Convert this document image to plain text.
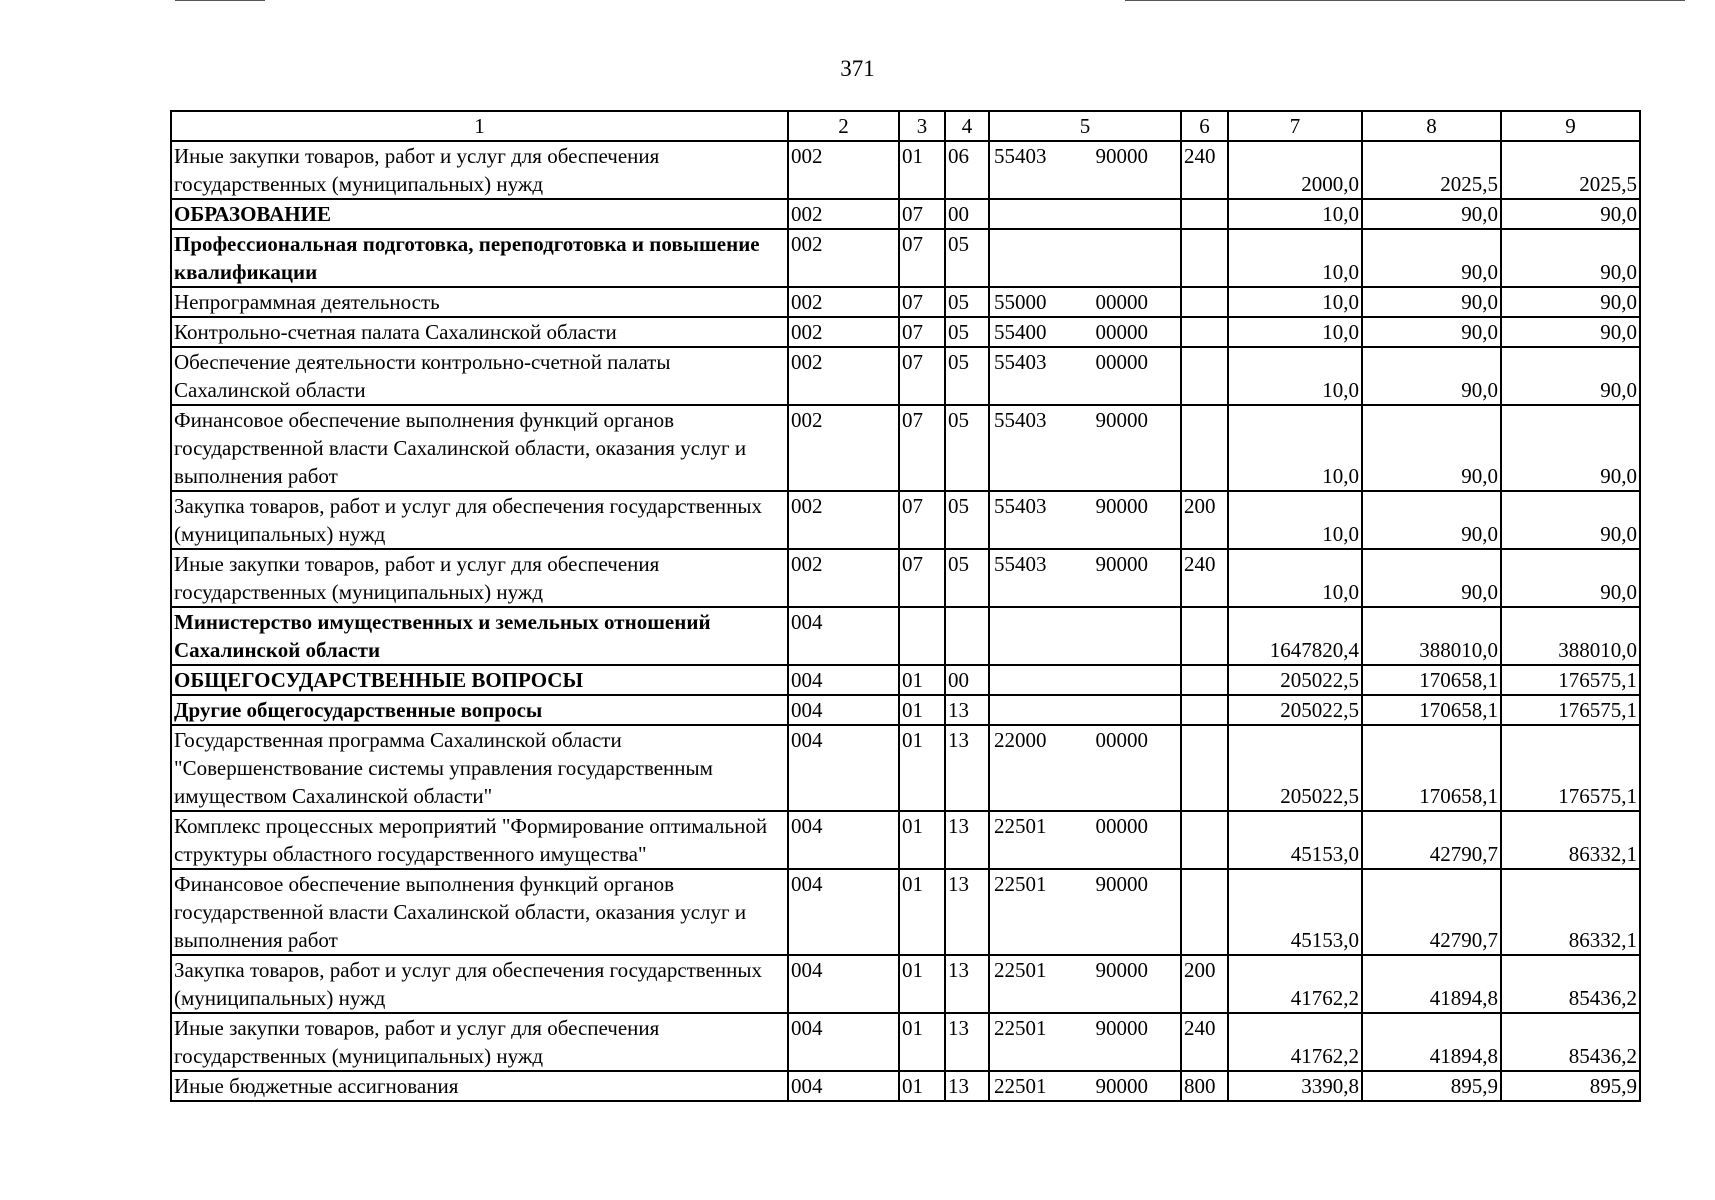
371
1	2	3	4	5	6	7	8	9
Иные закупки товаров, работ и услуг для обеспечения государственных (муниципальных) нужд	002	01	06	55403 90000	240	2000,0	2025,5	2025,5
ОБРАЗОВАНИЕ	002	07	00			10,0	90,0	90,0
Профессиональная подготовка, переподготовка и повышение квалификации	002	07	05			10,0	90,0	90,0
Непрограммная деятельность	002	07	05	55000 00000		10,0	90,0	90,0
Контрольно-счетная палата Сахалинской области	002	07	05	55400 00000		10,0	90,0	90,0
Обеспечение деятельности контрольно-счетной палаты Сахалинской области	002	07	05	55403 00000		10,0	90,0	90,0
Финансовое обеспечение выполнения функций органов государственной власти Сахалинской области, оказания услуг и выполнения работ	002	07	05	55403 90000		10,0	90,0	90,0
Закупка товаров, работ и услуг для обеспечения государственных (муниципальных) нужд	002	07	05	55403 90000	200	10,0	90,0	90,0
Иные закупки товаров, работ и услуг для обеспечения государственных (муниципальных) нужд	002	07	05	55403 90000	240	10,0	90,0	90,0
Министерство имущественных и земельных отношений Сахалинской области	004					1647820,4	388010,0	388010,0
ОБЩЕГОСУДАРСТВЕННЫЕ ВОПРОСЫ	004	01	00			205022,5	170658,1	176575,1
Другие общегосударственные вопросы	004	01	13			205022,5	170658,1	176575,1
Государственная программа Сахалинской области "Совершенствование системы управления государственным имуществом Сахалинской области"	004	01	13	22000 00000		205022,5	170658,1	176575,1
Комплекс процессных мероприятий "Формирование оптимальной структуры областного государственного имущества"	004	01	13	22501 00000		45153,0	42790,7	86332,1
Финансовое обеспечение выполнения функций органов государственной власти Сахалинской области, оказания услуг и выполнения работ	004	01	13	22501 90000		45153,0	42790,7	86332,1
Закупка товаров, работ и услуг для обеспечения государственных (муниципальных) нужд	004	01	13	22501 90000	200	41762,2	41894,8	85436,2
Иные закупки товаров, работ и услуг для обеспечения государственных (муниципальных) нужд	004	01	13	22501 90000	240	41762,2	41894,8	85436,2
Иные бюджетные ассигнования	004	01	13	22501 90000	800	3390,8	895,9	895,9
